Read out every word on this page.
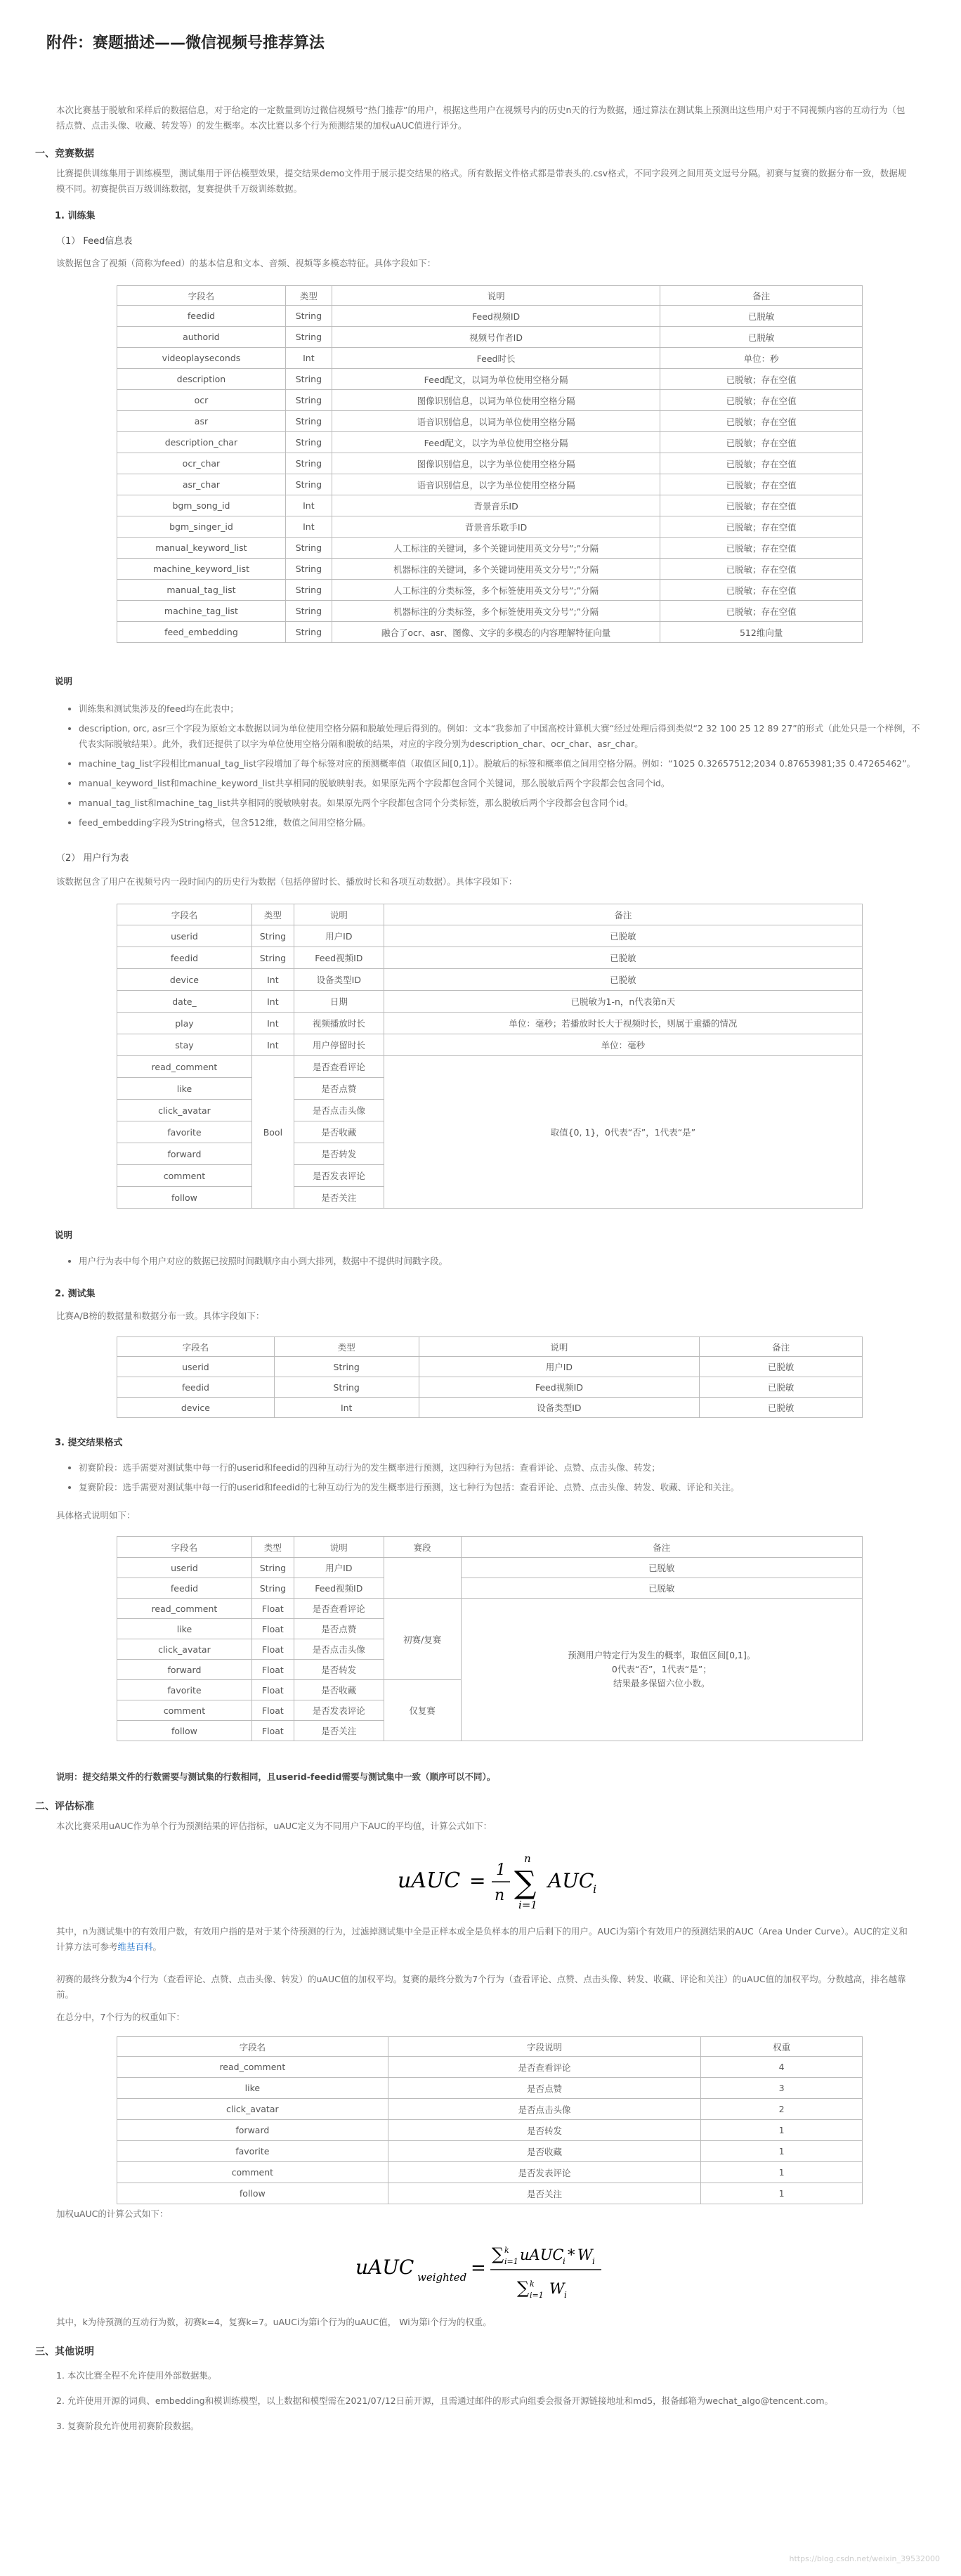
附件：赛题描述——微信视频号推荐算法
本次比赛基于脱敏和采样后的数据信息，对于给定的一定数量到访过微信视频号“热门推荐”的用户，根据这些用户在视频号内的历史n天的行为数据，通过算法在测试集上预测出这些用户对于不同视频内容的互动行为（包括点赞、点击头像、收藏、转发等）的发生概率。本次比赛以多个行为预测结果的加权uAUC值进行评分。
一、竞赛数据
比赛提供训练集用于训练模型，测试集用于评估模型效果，提交结果demo文件用于展示提交结果的格式。所有数据文件格式都是带表头的.csv格式，不同字段列之间用英文逗号分隔。初赛与复赛的数据分布一致，数据规模不同。初赛提供百万级训练数据，复赛提供千万级训练数据。
1. 训练集
（1） Feed信息表
该数据包含了视频（简称为feed）的基本信息和文本、音频、视频等多模态特征。具体字段如下：
字段名	类型	说明	备注
feedid	String	Feed视频ID	已脱敏
authorid	String	视频号作者ID	已脱敏
videoplayseconds	Int	Feed时长	单位：秒
description	String	Feed配文，以词为单位使用空格分隔	已脱敏；存在空值
ocr	String	图像识别信息，以词为单位使用空格分隔	已脱敏；存在空值
asr	String	语音识别信息，以词为单位使用空格分隔	已脱敏；存在空值
description_char	String	Feed配文，以字为单位使用空格分隔	已脱敏；存在空值
ocr_char	String	图像识别信息，以字为单位使用空格分隔	已脱敏；存在空值
asr_char	String	语音识别信息，以字为单位使用空格分隔	已脱敏；存在空值
bgm_song_id	Int	背景音乐ID	已脱敏；存在空值
bgm_singer_id	Int	背景音乐歌手ID	已脱敏；存在空值
manual_keyword_list	String	人工标注的关键词，多个关键词使用英文分号”;”分隔	已脱敏；存在空值
machine_keyword_list	String	机器标注的关键词，多个关键词使用英文分号”;”分隔	已脱敏；存在空值
manual_tag_list	String	人工标注的分类标签，多个标签使用英文分号”;”分隔	已脱敏；存在空值
machine_tag_list	String	机器标注的分类标签，多个标签使用英文分号”;”分隔	已脱敏；存在空值
feed_embedding	String	融合了ocr、asr、图像、文字的多模态的内容理解特征向量	512维向量
说明
• 训练集和测试集涉及的feed均在此表中；
• description, orc, asr三个字段为原始文本数据以词为单位使用空格分隔和脱敏处理后得到的。例如：文本“我参加了中国高校计算机大赛“经过处理后得到类似“2 32 100 25 12 89 27”的形式（此处只是一个样例，不代表实际脱敏结果）。此外，我们还提供了以字为单位使用空格分隔和脱敏的结果，对应的字段分别为description_char、ocr_char、asr_char。
• machine_tag_list字段相比manual_tag_list字段增加了每个标签对应的预测概率值（取值区间[0,1]）。脱敏后的标签和概率值之间用空格分隔。例如：“1025 0.32657512;2034 0.87653981;35 0.47265462”。
• manual_keyword_list和machine_keyword_list共享相同的脱敏映射表。如果原先两个字段都包含同个关键词，那么脱敏后两个字段都会包含同个id。
• manual_tag_list和machine_tag_list共享相同的脱敏映射表。如果原先两个字段都包含同个分类标签，那么脱敏后两个字段都会包含同个id。
• feed_embedding字段为String格式，包含512维，数值之间用空格分隔。
（2） 用户行为表
该数据包含了用户在视频号内一段时间内的历史行为数据（包括停留时长、播放时长和各项互动数据）。具体字段如下：
字段名	类型	说明	备注
userid	String	用户ID	已脱敏
feedid	String	Feed视频ID	已脱敏
device	Int	设备类型ID	已脱敏
date_	Int	日期	已脱敏为1-n，n代表第n天
play	Int	视频播放时长	单位：毫秒；若播放时长大于视频时长，则属于重播的情况
stay	Int	用户停留时长	单位：毫秒
read_comment	Bool	是否查看评论	取值{0, 1}，0代表“否”，1代表“是”
like		是否点赞	
click_avatar		是否点击头像	
favorite		是否收藏	
forward		是否转发	
comment		是否发表评论	
follow		是否关注	
说明
• 用户行为表中每个用户对应的数据已按照时间戳顺序由小到大排列，数据中不提供时间戳字段。
2. 测试集
比赛A/B榜的数据量和数据分布一致。具体字段如下：
字段名	类型	说明	备注
userid	String	用户ID	已脱敏
feedid	String	Feed视频ID	已脱敏
device	Int	设备类型ID	已脱敏
3. 提交结果格式
• 初赛阶段：选手需要对测试集中每一行的userid和feedid的四种互动行为的发生概率进行预测，这四种行为包括：查看评论、点赞、点击头像、转发；
• 复赛阶段：选手需要对测试集中每一行的userid和feedid的七种互动行为的发生概率进行预测，这七种行为包括：查看评论、点赞、点击头像、转发、收藏、评论和关注。
具体格式说明如下：
字段名	类型	说明	赛段	备注
userid	String	用户ID		已脱敏
feedid	String	Feed视频ID		已脱敏
read_comment	Float	是否查看评论	初赛/复赛	预测用户特定行为发生的概率，取值区间[0,1]。
0代表“否”，1代表“是”；
结果最多保留六位小数。

like	Float	是否点赞		
click_avatar	Float	是否点击头像		
forward	Float	是否转发		
favorite	Float	是否收藏	仅复赛	
comment	Float	是否发表评论		
follow	Float	是否关注		
说明：提交结果文件的行数需要与测试集的行数相同，且userid-feedid需要与测试集中一致（顺序可以不同）。
二、评估标准
本次比赛采用uAUC作为单个行为预测结果的评估指标，uAUC定义为不同用户下AUC的平均值，计算公式如下：
uAUC = 1
n
n
∑
i=1
AUC
i
其中，n为测试集中的有效用户数，有效用户指的是对于某个待预测的行为，过滤掉测试集中全是正样本或全是负样本的用户后剩下的用户。AUCi为第i个有效用户的预测结果的AUC（Area Under Curve）。AUC的定义和计算方法可参考维基百科。
初赛的最终分数为4个行为（查看评论、点赞、点击头像、转发）的uAUC值的加权平均。复赛的最终分数为7个行为（查看评论、点赞、点击头像、转发、收藏、评论和关注）的uAUC值的加权平均。分数越高，排名越靠前。
在总分中，7个行为的权重如下：
字段名	字段说明	权重
read_comment	是否查看评论	4
like	是否点赞	3
click_avatar	是否点击头像	2
forward	是否转发	1
favorite	是否收藏	1
comment	是否发表评论	1
follow	是否关注	1
加权uAUC的计算公式如下：
uAUC weighted =
∑ k
i=1 uAUC
i * W i
∑ k
i=1 W i
其中，k为待预测的互动行为数，初赛k=4，复赛k=7。uAUCi为第i个行为的uAUC值， Wi为第i个行为的权重。
三、其他说明
1. 本次比赛全程不允许使用外部数据集。
2. 允许使用开源的词典、embedding和模训练模型，以上数据和模型需在2021/07/12日前开源，且需通过邮件的形式向组委会报备开源链接地址和md5，报备邮箱为wechat_algo@tencent.com。
3. 复赛阶段允许使用初赛阶段数据。
https://blog.csdn.net/weixin_39532000
